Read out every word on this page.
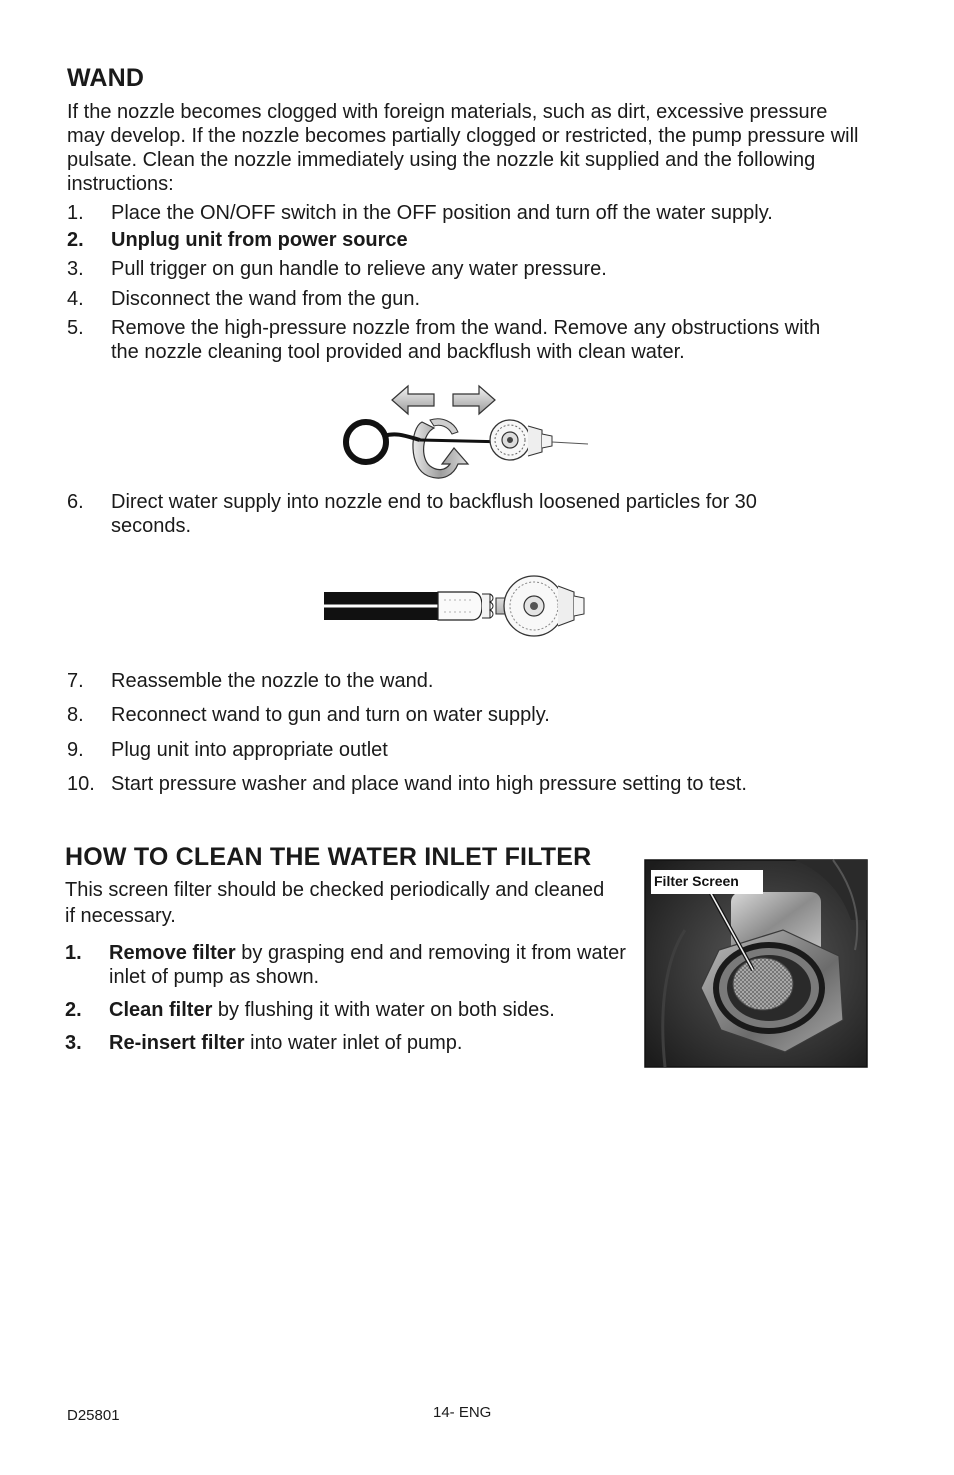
WAND
If the nozzle becomes clogged with foreign materials, such as dirt, excessive pressure may develop. If the nozzle becomes partially clogged or restricted, the pump pressure will pulsate. Clean the nozzle immediately using the nozzle kit supplied and the following instructions:
1. Place the ON/OFF switch in the OFF position and turn off the water supply.
2. Unplug unit from power source
3. Pull trigger on gun handle to relieve any water pressure.
4. Disconnect the wand from the gun.
5. Remove the high-pressure nozzle from the wand. Remove any obstructions with the nozzle cleaning tool provided and backflush with clean water.
6. Direct water supply into nozzle end to backflush loosened particles for 30 seconds.
7. Reassemble the nozzle to the wand.
8. Reconnect wand to gun and turn on water supply.
9. Plug unit into appropriate outlet
10. Start pressure washer and place wand into high pressure setting to test.
HOW TO CLEAN THE WATER INLET FILTER
This screen filter should be checked periodically and cleaned if necessary.
1. Remove filter by grasping end and removing it from water inlet of pump as shown.
2. Clean filter by flushing it with water on both sides.
3. Re-insert filter into water inlet of pump.
Filter Screen
D25801	14- ENG
